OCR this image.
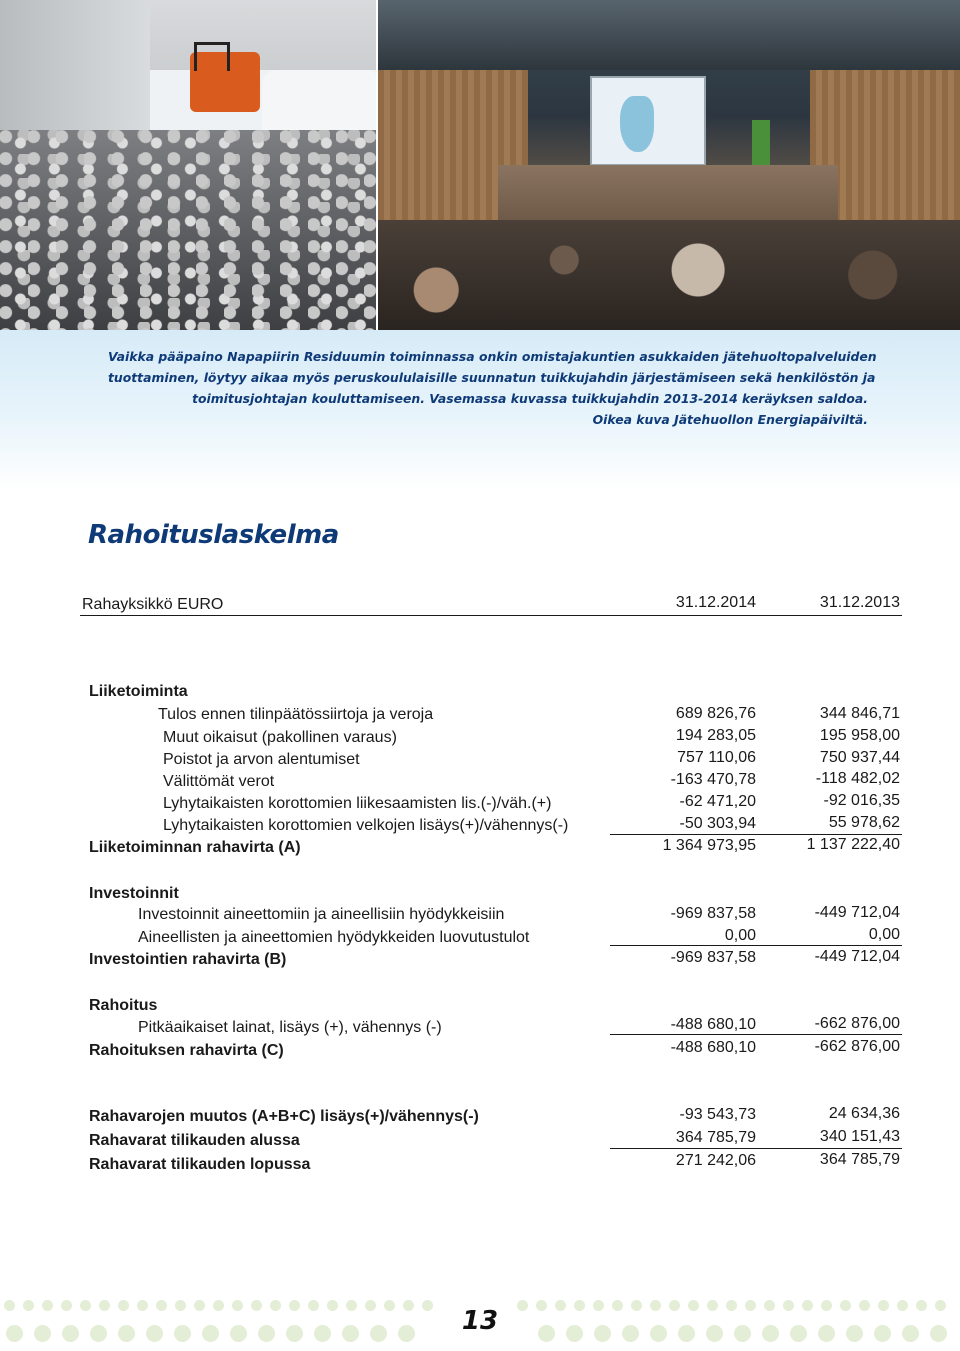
Vaikka pääpaino Napapiirin Residuumin toiminnassa onkin omistajakuntien asukkaiden jätehuoltopalveluiden
tuottaminen, löytyy aikaa myös peruskoululaisille suunnatun tuikkujahdin järjestämiseen sekä henkilöstön ja
toimitusjohtajan kouluttamiseen. Vasemassa kuvassa tuikkujahdin 2013-2014 keräyksen saldoa.
Oikea kuva Jätehuollon Energiapäiviltä.
Rahoituslaskelma
Rahayksikkö EURO	31.12.2014	31.12.2013
Liiketoiminta
Tulos ennen tilinpäätössiirtoja ja veroja	689 826,76	344 846,71
Muut oikaisut (pakollinen varaus)	194 283,05	195 958,00
Poistot ja arvon alentumiset	757 110,06	750 937,44
Välittömät verot	-163 470,78	-118 482,02
Lyhytaikaisten korottomien liikesaamisten lis.(-)/väh.(+)	-62 471,20	-92 016,35
Lyhytaikaisten korottomien velkojen lisäys(+)/vähennys(-)	-50 303,94	55 978,62
Liiketoiminnan rahavirta (A)	1 364 973,95	1 137 222,40
Investoinnit
Investoinnit aineettomiin ja aineellisiin hyödykkeisiin	-969 837,58	-449 712,04
Aineellisten ja aineettomien hyödykkeiden luovutustulot	0,00	0,00
Investointien rahavirta (B)	-969 837,58	-449 712,04
Rahoitus
Pitkäaikaiset lainat, lisäys (+), vähennys (-)	-488 680,10	-662 876,00
Rahoituksen rahavirta (C)	-488 680,10	-662 876,00
Rahavarojen muutos (A+B+C) lisäys(+)/vähennys(-)	-93 543,73	24 634,36
Rahavarat tilikauden alussa	364 785,79	340 151,43
Rahavarat tilikauden lopussa	271 242,06	364 785,79
13
